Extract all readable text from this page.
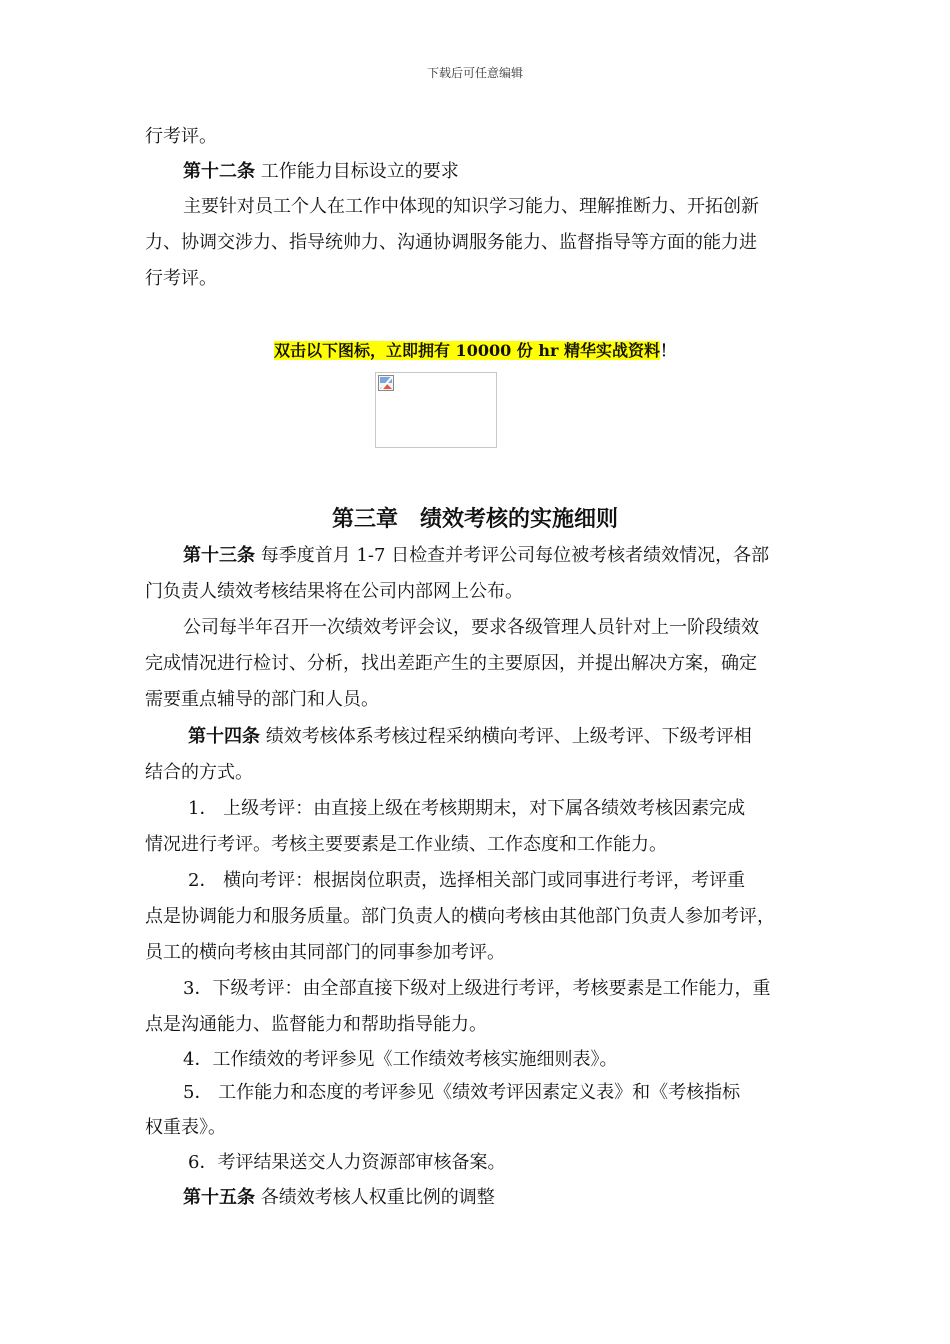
下载后可任意编辑
行考评。
第十二条 工作能力目标设立的要求
主要针对员工个人在工作中体现的知识学习能力、理解推断力、开拓创新
力、协调交涉力、指导统帅力、沟通协调服务能力、监督指导等方面的能力进
行考评。
双击以下图标，立即拥有 10000 份 hr 精华实战资料！
第三章　绩效考核的实施细则
第十三条 每季度首月 1-7 日检查并考评公司每位被考核者绩效情况，各部
门负责人绩效考核结果将在公司内部网上公布。
公司每半年召开一次绩效考评会议，要求各级管理人员针对上一阶段绩效
完成情况进行检讨、分析，找出差距产生的主要原因，并提出解决方案，确定
需要重点辅导的部门和人员。
第十四条 绩效考核体系考核过程采纳横向考评、上级考评、下级考评相
结合的方式。
1． 上级考评：由直接上级在考核期期末，对下属各绩效考核因素完成
情况进行考评。考核主要要素是工作业绩、工作态度和工作能力。
2． 横向考评：根据岗位职责，选择相关部门或同事进行考评，考评重
点是协调能力和服务质量。部门负责人的横向考核由其他部门负责人参加考评，
员工的横向考核由其同部门的同事参加考评。
3．下级考评：由全部直接下级对上级进行考评，考核要素是工作能力，重
点是沟通能力、监督能力和帮助指导能力。
4．工作绩效的考评参见《工作绩效考核实施细则表》。
5． 工作能力和态度的考评参见《绩效考评因素定义表》和《考核指标
权重表》。
6．考评结果送交人力资源部审核备案。
第十五条 各绩效考核人权重比例的调整
